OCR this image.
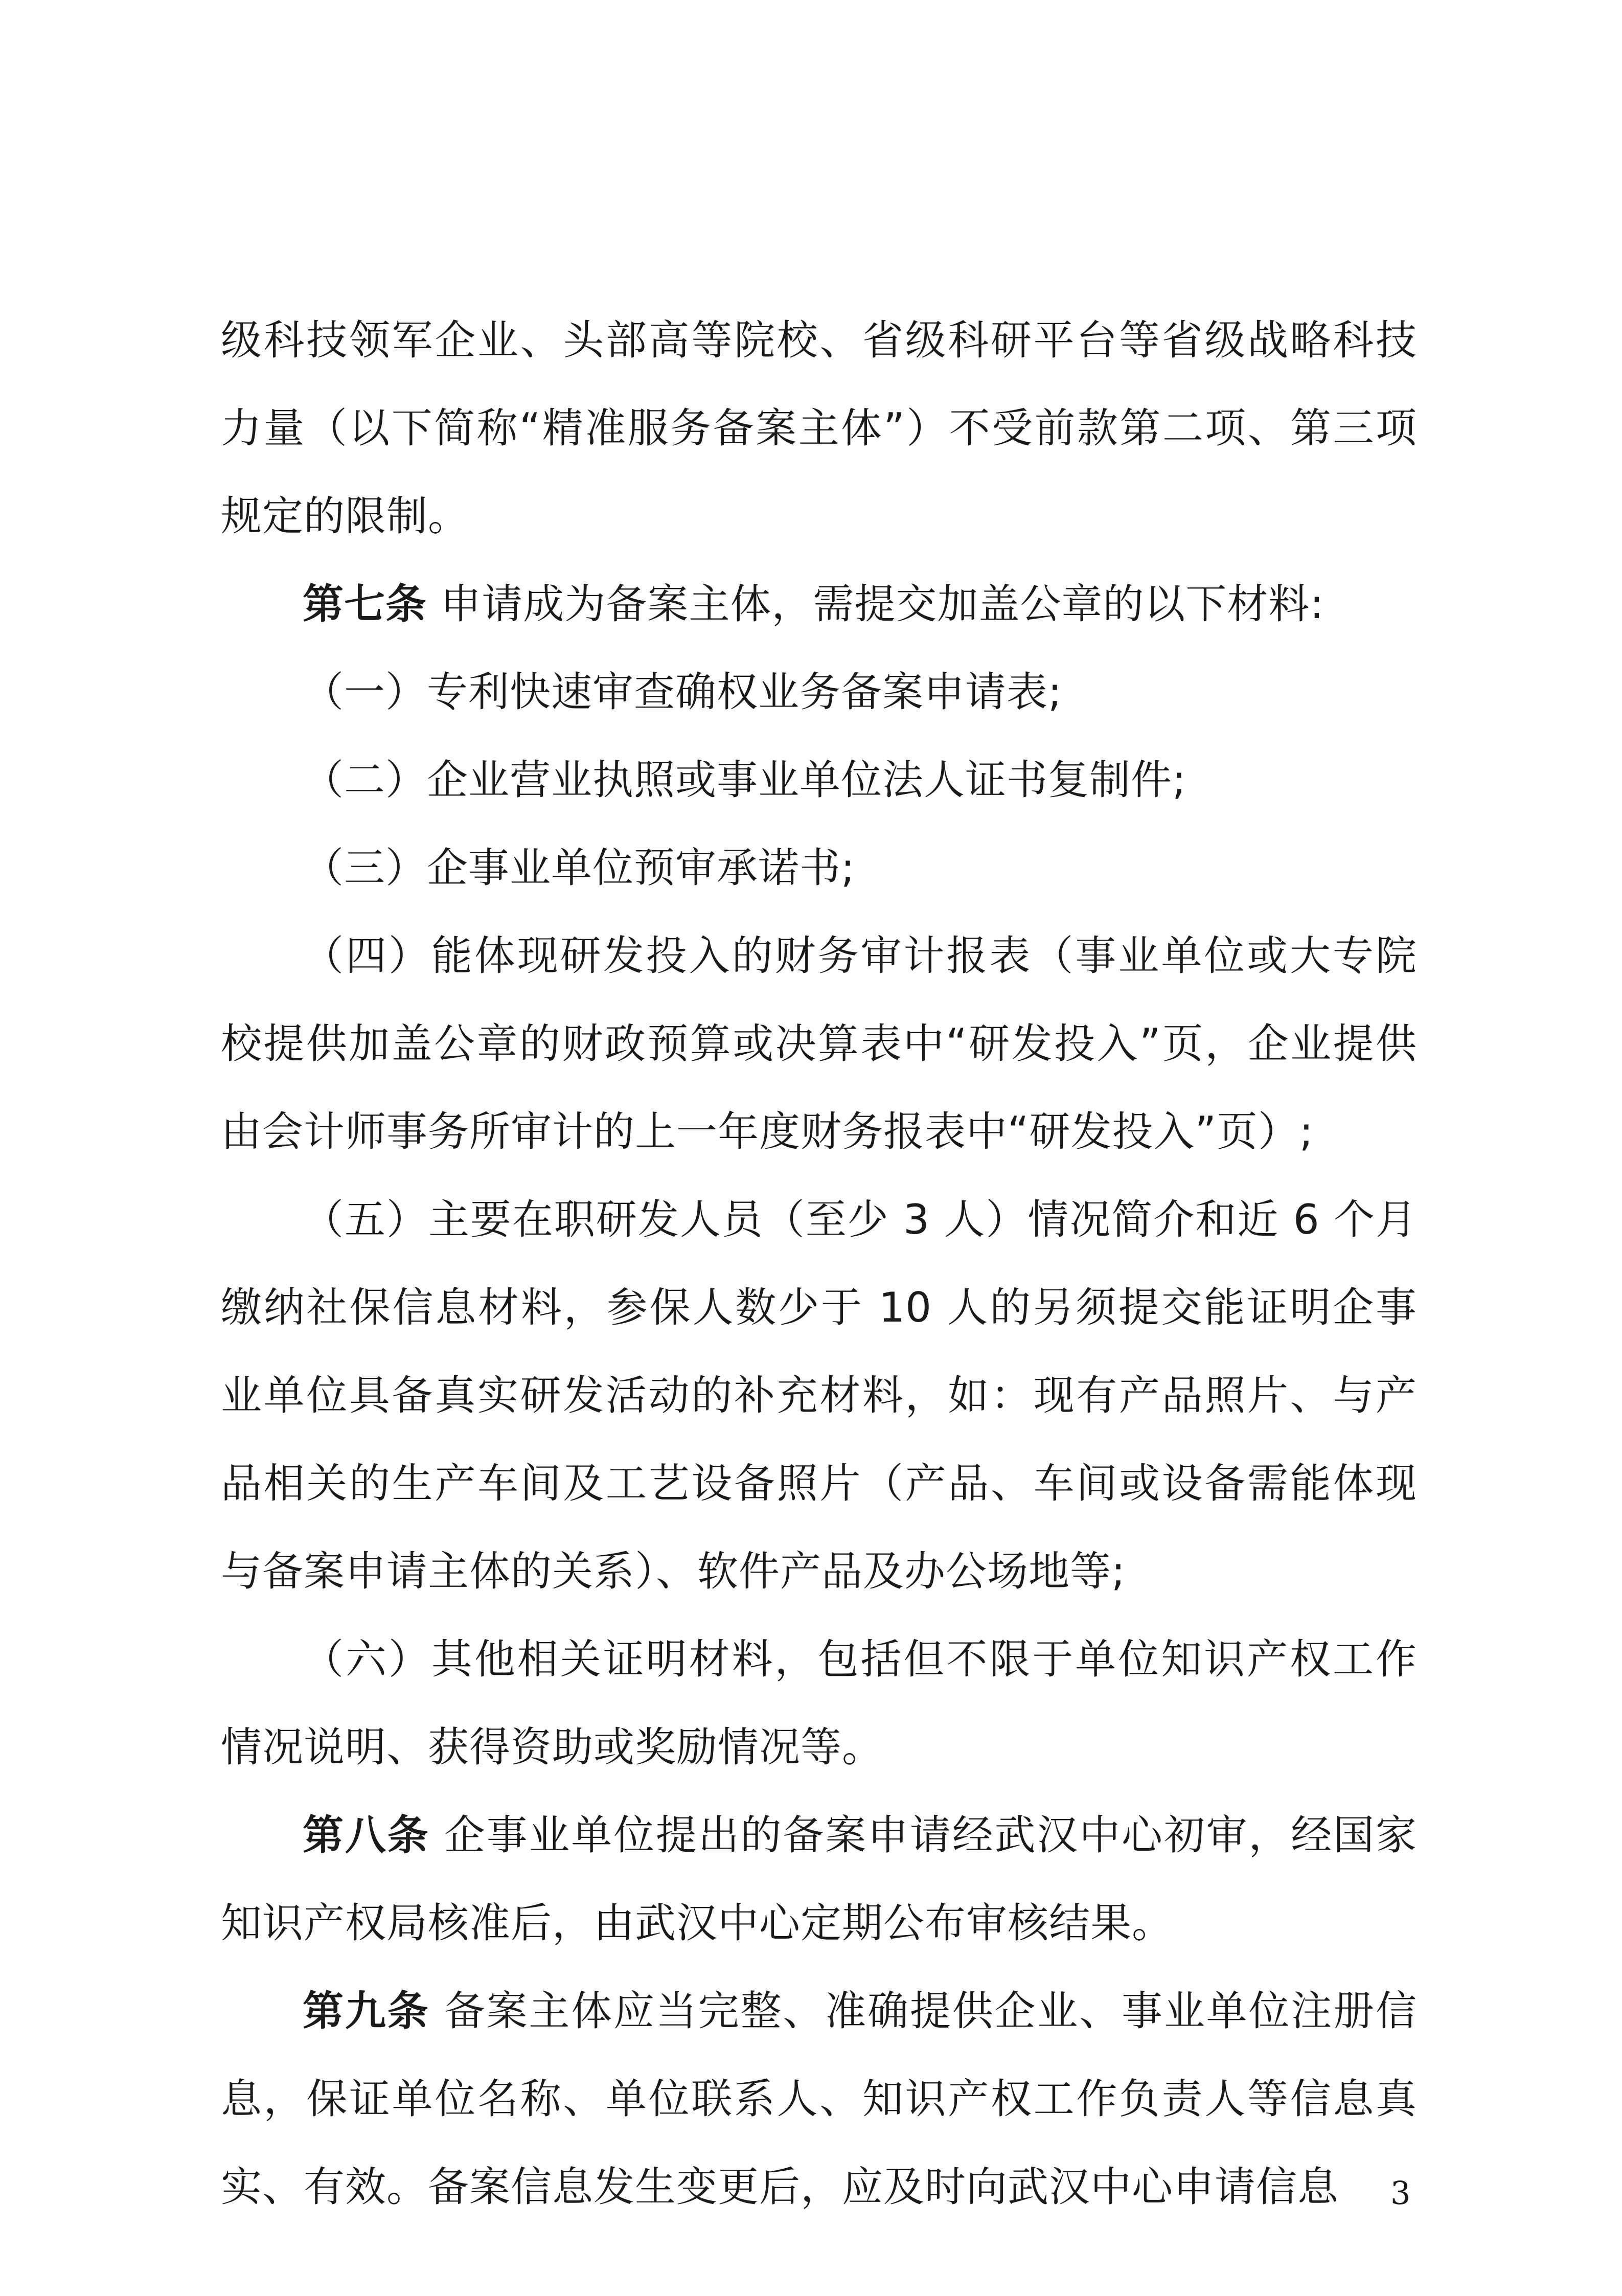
级科技领军企业、头部高等院校、省级科研平台等省级战略科技力量（以下简称“精准服务备案主体”）不受前款第二项、第三项规定的限制。

第七条 申请成为备案主体，需提交加盖公章的以下材料:

（一）专利快速审查确权业务备案申请表;

（二）企业营业执照或事业单位法人证书复制件;

（三）企事业单位预审承诺书;

（四）能体现研发投入的财务审计报表（事业单位或大专院校提供加盖公章的财政预算或决算表中“研发投入”页，企业提供由会计师事务所审计的上一年度财务报表中“研发投入”页）;

（五）主要在职研发人员（至少 3 人）情况简介和近 6 个月缴纳社保信息材料，参保人数少于 10 人的另须提交能证明企事业单位具备真实研发活动的补充材料，如：现有产品照片、与产品相关的生产车间及工艺设备照片（产品、车间或设备需能体现与备案申请主体的关系）、软件产品及办公场地等;

（六）其他相关证明材料，包括但不限于单位知识产权工作情况说明、获得资助或奖励情况等。

第八条 企事业单位提出的备案申请经武汉中心初审，经国家知识产权局核准后，由武汉中心定期公布审核结果。

第九条 备案主体应当完整、准确提供企业、事业单位注册信息，保证单位名称、单位联系人、知识产权工作负责人等信息真实、有效。备案信息发生变更后，应及时向武汉中心申请信息	3
